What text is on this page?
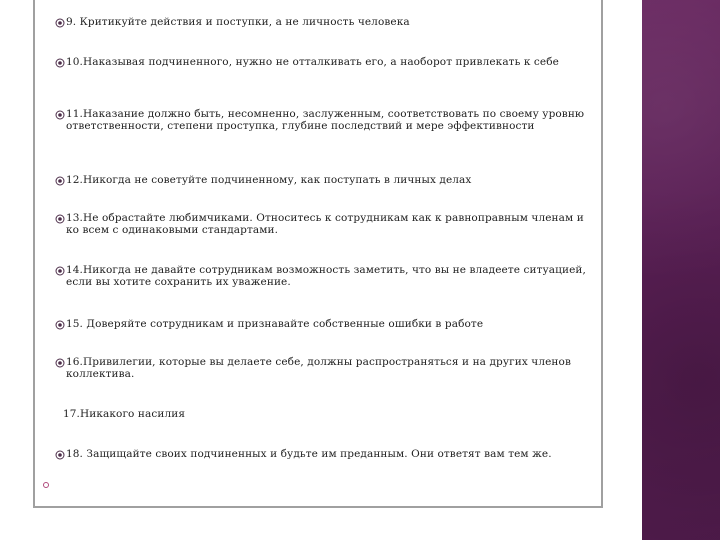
9. Критикуйте действия и поступки, а не личность человека
10.Наказывая подчиненного, нужно не отталкивать его, а наоборот привлекать к себе
11.Наказание должно быть, несомненно, заслуженным, соответствовать по своему уровню ответственности, степени проступка, глубине последствий и мере эффективности
12.Никогда не советуйте подчиненному, как поступать в личных делах
13.Не обрастайте любимчиками. Относитесь к сотрудникам как к равноправным членам и ко всем с одинаковыми стандартами.
14.Никогда не давайте сотрудникам возможность заметить, что вы не владеете ситуацией, если вы хотите сохранить их уважение.
15. Доверяйте сотрудникам и признавайте собственные ошибки в работе
16.Привилегии, которые вы делаете себе, должны распространяться и на других членов коллектива.
17.Никакого насилия
18. Защищайте своих подчиненных и будьте им преданным. Они ответят вам тем же.
